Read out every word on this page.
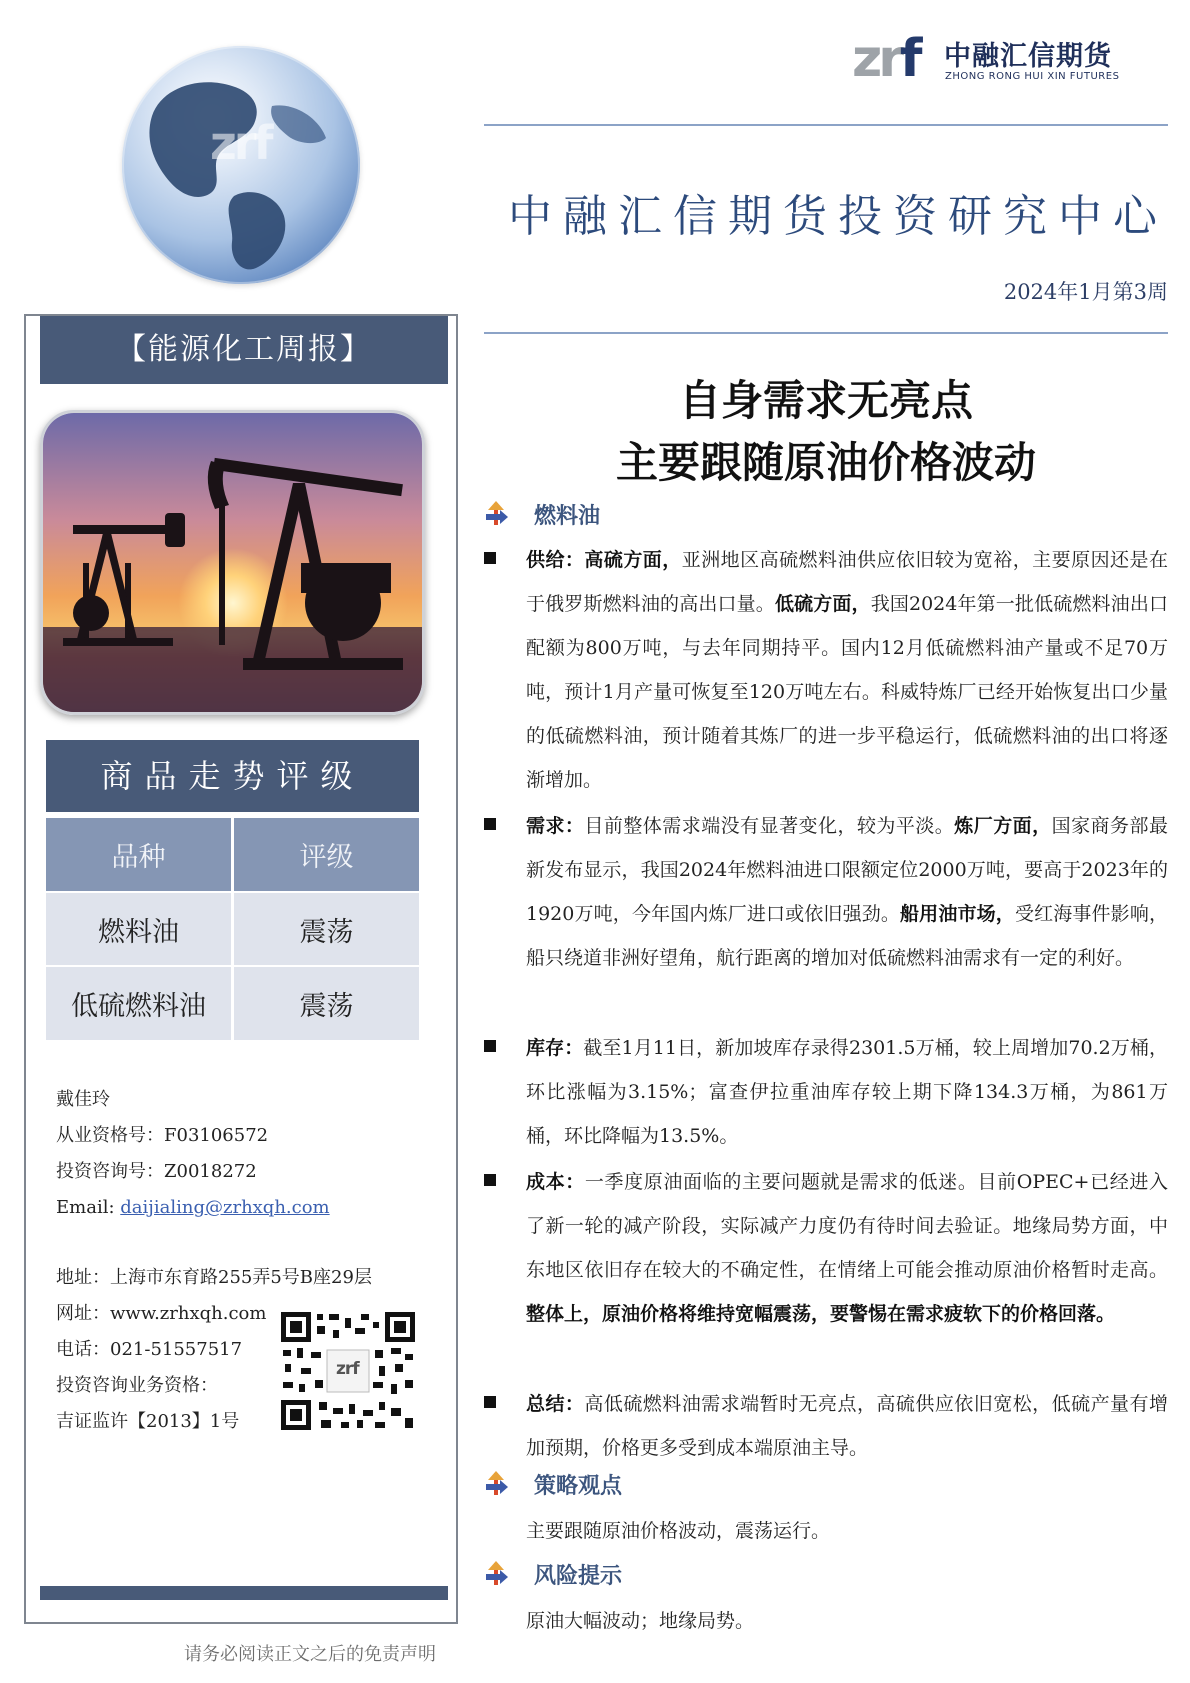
zrf
zrf 中融汇信期货
ZHONG RONG HUI XIN FUTURES
中融汇信期货投资研究中心
2024年1月第3周
【能源化工周报】
商品走势评级
品种	评级
燃料油	震荡
低硫燃料油	震荡
戴佳玲
从业资格号：F03106572
投资咨询号：Z0018272
Email: daijialing@zrhxqh.com
地址：上海市东育路255弄5号B座29层
网址：www.zrhxqh.com
电话：021-51557517
投资咨询业务资格：
吉证监许【2013】1号
zrf
请务必阅读正文之后的免责声明
自身需求无亮点
主要跟随原油价格波动
燃料油
供给：高硫方面，亚洲地区高硫燃料油供应依旧较为宽裕，主要原因还是在于俄罗斯燃料油的高出口量。低硫方面，我国2024年第一批低硫燃料油出口配额为800万吨，与去年同期持平。国内12月低硫燃料油产量或不足70万吨，预计1月产量可恢复至120万吨左右。科威特炼厂已经开始恢复出口少量的低硫燃料油，预计随着其炼厂的进一步平稳运行，低硫燃料油的出口将逐渐增加。
需求：目前整体需求端没有显著变化，较为平淡。炼厂方面，国家商务部最新发布显示，我国2024年燃料油进口限额定位2000万吨，要高于2023年的1920万吨，今年国内炼厂进口或依旧强劲。船用油市场，受红海事件影响，船只绕道非洲好望角，航行距离的增加对低硫燃料油需求有一定的利好。
库存：截至1月11日，新加坡库存录得2301.5万桶，较上周增加70.2万桶，环比涨幅为3.15%；富查伊拉重油库存较上期下降134.3万桶，为861万桶，环比降幅为13.5%。
成本：一季度原油面临的主要问题就是需求的低迷。目前OPEC+已经进入了新一轮的减产阶段，实际减产力度仍有待时间去验证。地缘局势方面，中东地区依旧存在较大的不确定性，在情绪上可能会推动原油价格暂时走高。整体上，原油价格将维持宽幅震荡，要警惕在需求疲软下的价格回落。
总结：高低硫燃料油需求端暂时无亮点，高硫供应依旧宽松，低硫产量有增加预期，价格更多受到成本端原油主导。
策略观点
主要跟随原油价格波动，震荡运行。
风险提示
原油大幅波动；地缘局势。
